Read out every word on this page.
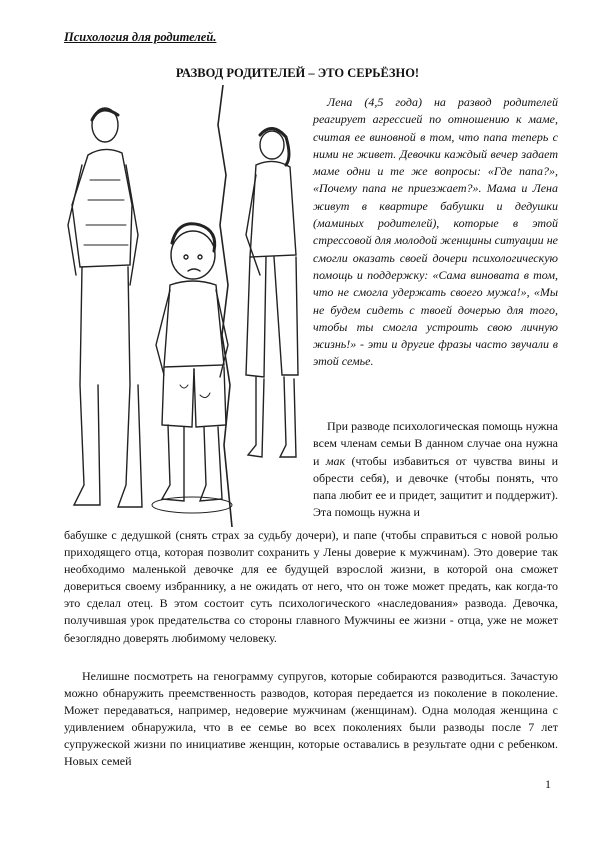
Психология для родителей.
РАЗВОД РОДИТЕЛЕЙ – ЭТО СЕРЬЁЗНО!

Лена (4,5 года) на развод родителей реагирует агрессией по отношению к маме, считая ее виновной в том, что папа теперь с ними не живет. Девочки каждый вечер задает маме одни и те же вопросы: «Где папа?», «Почему папа не приезжает?». Мама и Лена живут в квартире бабушки и дедушки (маминых родителей), которые в этой стрессовой для молодой женщины ситуации не смогли оказать своей дочери психологическую помощь и поддержку: «Сама виновата в том, что не смогла удержать своего мужа!», «Мы не будем сидеть с твоей дочерью для того, чтобы ты смогла устроить свою личную жизнь!» - эти и другие фразы часто звучали в этой семье.

При разводе психологическая помощь нужна всем членам семьи В данном случае она нужна и мак (чтобы избавиться от чувства вины и обрести себя), и девочке (чтобы понять, что папа любит ее и придет, защитит и поддержит). Эта помощь нужна и

бабушке с дедушкой (снять страх за судьбу дочери), и папе (чтобы справиться с новой ролью приходящего отца, которая позволит сохранить у Лены доверие к мужчинам). Это доверие так необходимо маленькой девочке для ее будущей взрослой жизни, в которой она сможет довериться своему избраннику, а не ожидать от него, что он тоже может предать, как когда-то это сделал отец. В этом состоит суть психологического «наследования» развода. Девочка, получившая урок предательства со стороны главного Мужчины ее жизни - отца, уже не может безоглядно доверять любимому человеку.

Нелишне посмотреть на генограмму супругов, которые собираются разводиться. Зачастую можно обнаружить преемственность разводов, которая передается из поколение в поколение. Может передаваться, например, недоверие мужчинам (женщинам). Одна молодая женщина с удивлением обнаружила, что в ее семье во всех поколениях были разводы после 7 лет супружеской жизни по инициативе женщин, которые оставались в результате одни с ребенком. Новых семей

1
